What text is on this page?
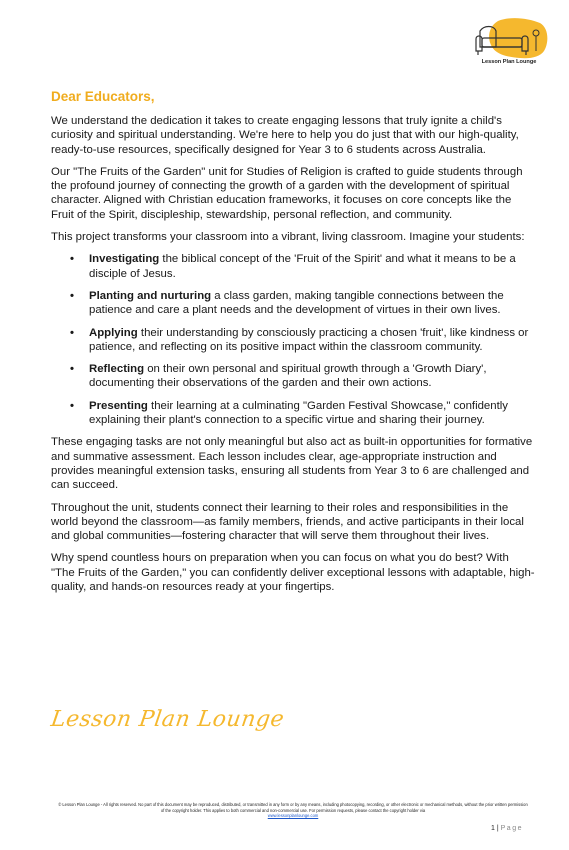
Lesson Plan Lounge
Dear Educators,

We understand the dedication it takes to create engaging lessons that truly ignite a child's curiosity and spiritual understanding. We're here to help you do just that with our high-quality, ready-to-use resources, specifically designed for Year 3 to 6 students across Australia.

Our "The Fruits of the Garden" unit for Studies of Religion is crafted to guide students through the profound journey of connecting the growth of a garden with the development of spiritual character. Aligned with Christian education frameworks, it focuses on core concepts like the Fruit of the Spirit, discipleship, stewardship, personal reflection, and community.

This project transforms your classroom into a vibrant, living classroom. Imagine your students:

• Investigating the biblical concept of the 'Fruit of the Spirit' and what it means to be a disciple of Jesus.
• Planting and nurturing a class garden, making tangible connections between the patience and care a plant needs and the development of virtues in their own lives.
• Applying their understanding by consciously practicing a chosen 'fruit', like kindness or patience, and reflecting on its positive impact within the classroom community.
• Reflecting on their own personal and spiritual growth through a 'Growth Diary', documenting their observations of the garden and their own actions.
• Presenting their learning at a culminating "Garden Festival Showcase," confidently explaining their plant's connection to a specific virtue and sharing their journey.

These engaging tasks are not only meaningful but also act as built-in opportunities for formative and summative assessment. Each lesson includes clear, age-appropriate instruction and provides meaningful extension tasks, ensuring all students from Year 3 to 6 are challenged and can succeed.

Throughout the unit, students connect their learning to their roles and responsibilities in the world beyond the classroom—as family members, friends, and active participants in their local and global communities—fostering character that will serve them throughout their lives.

Why spend countless hours on preparation when you can focus on what you do best? With "The Fruits of the Garden," you can confidently deliver exceptional lessons with adaptable, high-quality, and hands-on resources ready at your fingertips.

Lesson Plan Lounge
© Lesson Plan Lounge - All rights reserved. No part of this document may be reproduced, distributed, or transmitted in any form or by any means, including photocopying, recording, or other electronic or mechanical methods, without the prior written permission of the copyright holder. This applies to both commercial and non-commercial use. For permission requests, please contact the copyright holder via
www.lessonplanlounge.com
1 | Page
